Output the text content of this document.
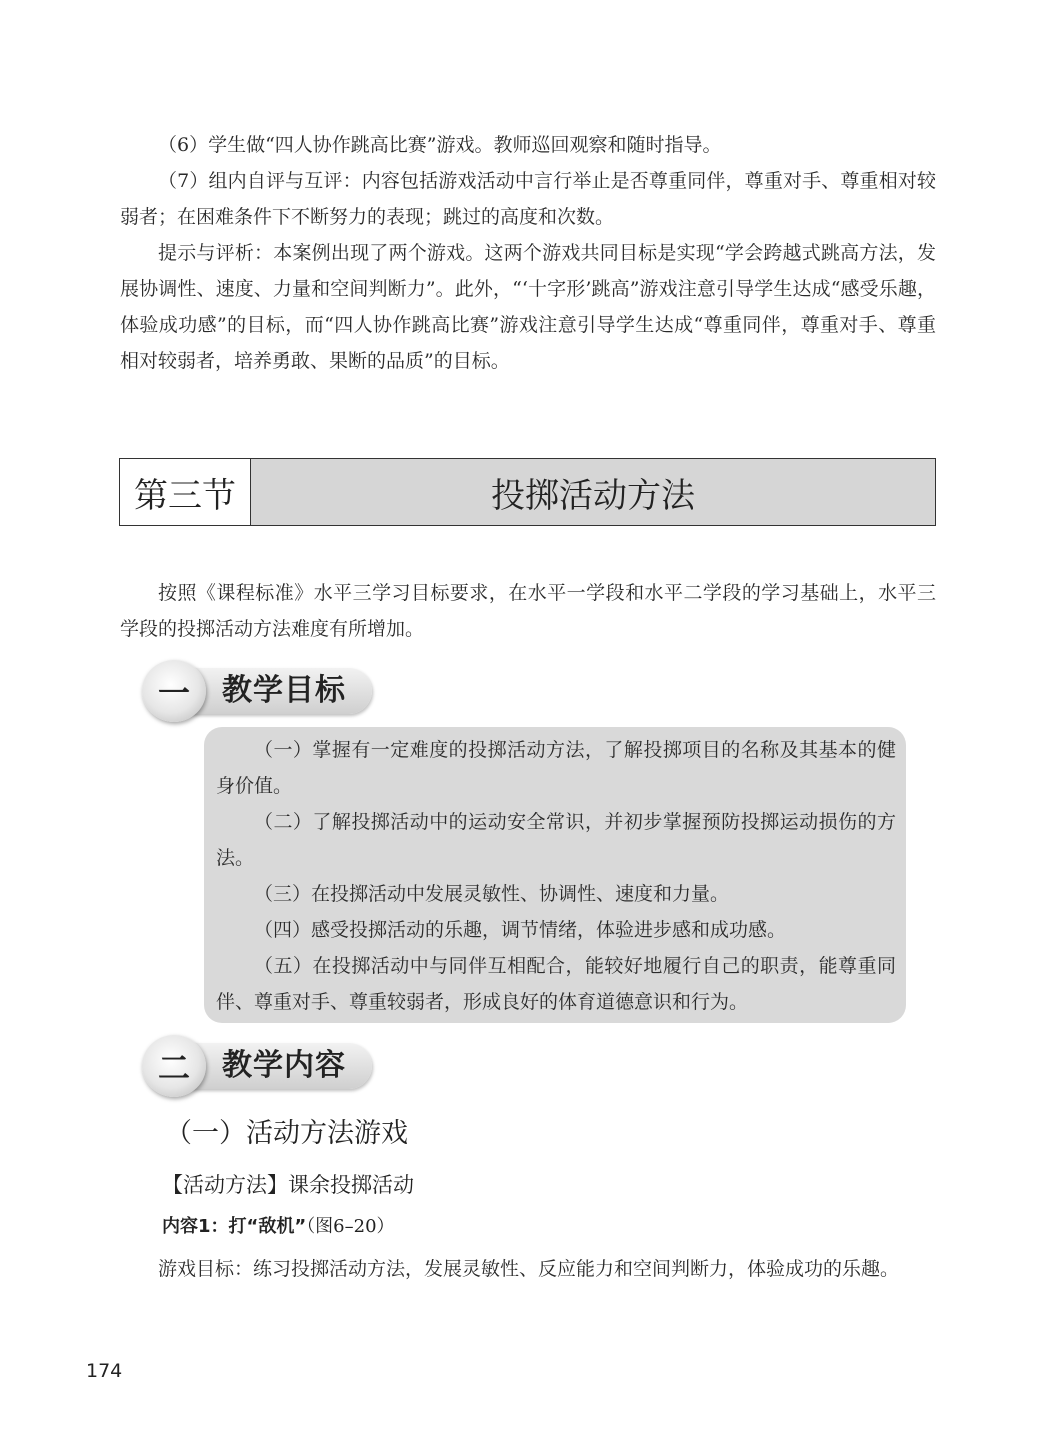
（6）学生做“四人协作跳高比赛”游戏。教师巡回观察和随时指导。

（7）组内自评与互评：内容包括游戏活动中言行举止是否尊重同伴，尊重对手、尊重相对较弱者；在困难条件下不断努力的表现；跳过的高度和次数。

提示与评析：本案例出现了两个游戏。这两个游戏共同目标是实现“学会跨越式跳高方法，发展协调性、速度、力量和空间判断力”。此外，“‘十字形’跳高”游戏注意引导学生达成“感受乐趣，体验成功感”的目标，而“四人协作跳高比赛”游戏注意引导学生达成“尊重同伴，尊重对手、尊重相对较弱者，培养勇敢、果断的品质”的目标。

第三节	投掷活动方法

按照《课程标准》水平三学习目标要求，在水平一学段和水平二学段的学习基础上，水平三学段的投掷活动方法难度有所增加。

一	教学目标

（一）掌握有一定难度的投掷活动方法，了解投掷项目的名称及其基本的健身价值。

（二）了解投掷活动中的运动安全常识，并初步掌握预防投掷运动损伤的方法。

（三）在投掷活动中发展灵敏性、协调性、速度和力量。

（四）感受投掷活动的乐趣，调节情绪，体验进步感和成功感。

（五）在投掷活动中与同伴互相配合，能较好地履行自己的职责，能尊重同伴、尊重对手、尊重较弱者，形成良好的体育道德意识和行为。

二	教学内容
（一）活动方法游戏
【活动方法】课余投掷活动
内容1：打“敌机”（图6–20）

游戏目标：练习投掷活动方法，发展灵敏性、反应能力和空间判断力，体验成功的乐趣。

174
